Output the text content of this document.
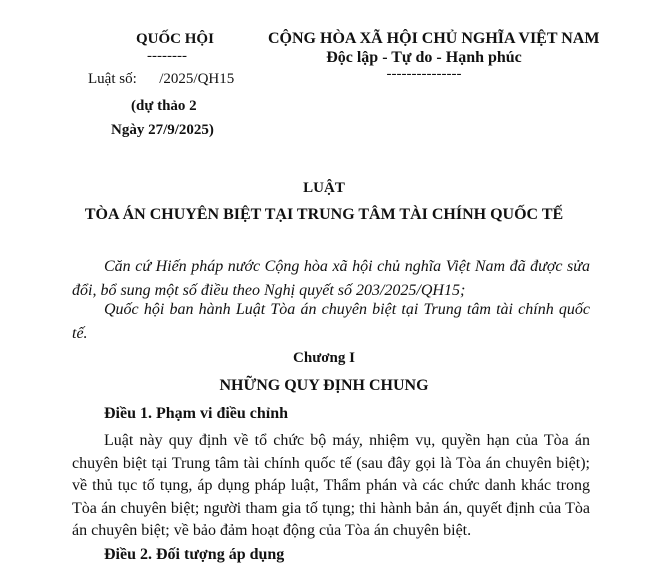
QUỐC HỘI
--------
Luật số:      /2025/QH15
(dự thảo 2
Ngày 27/9/2025)
CỘNG HÒA XÃ HỘI CHỦ NGHĨA VIỆT NAM
Độc lập - Tự do - Hạnh phúc
---------------
LUẬT
TÒA ÁN CHUYÊN BIỆT TẠI TRUNG TÂM TÀI CHÍNH QUỐC TẾ
Căn cứ Hiến pháp nước Cộng hòa xã hội chủ nghĩa Việt Nam đã được sửa đổi, bổ sung một số điều theo Nghị quyết số 203/2025/QH15;
Quốc hội ban hành Luật Tòa án chuyên biệt tại Trung tâm tài chính quốc tế.
Chương I
NHỮNG QUY ĐỊNH CHUNG
Điều 1. Phạm vi điều chỉnh
Luật này quy định về tổ chức bộ máy, nhiệm vụ, quyền hạn của Tòa án chuyên biệt tại Trung tâm tài chính quốc tế (sau đây gọi là Tòa án chuyên biệt); về thủ tục tố tụng, áp dụng pháp luật, Thẩm phán và các chức danh khác trong Tòa án chuyên biệt; người tham gia tố tụng; thi hành bản án, quyết định của Tòa án chuyên biệt; về bảo đảm hoạt động của Tòa án chuyên biệt.
Điều 2. Đối tượng áp dụng
